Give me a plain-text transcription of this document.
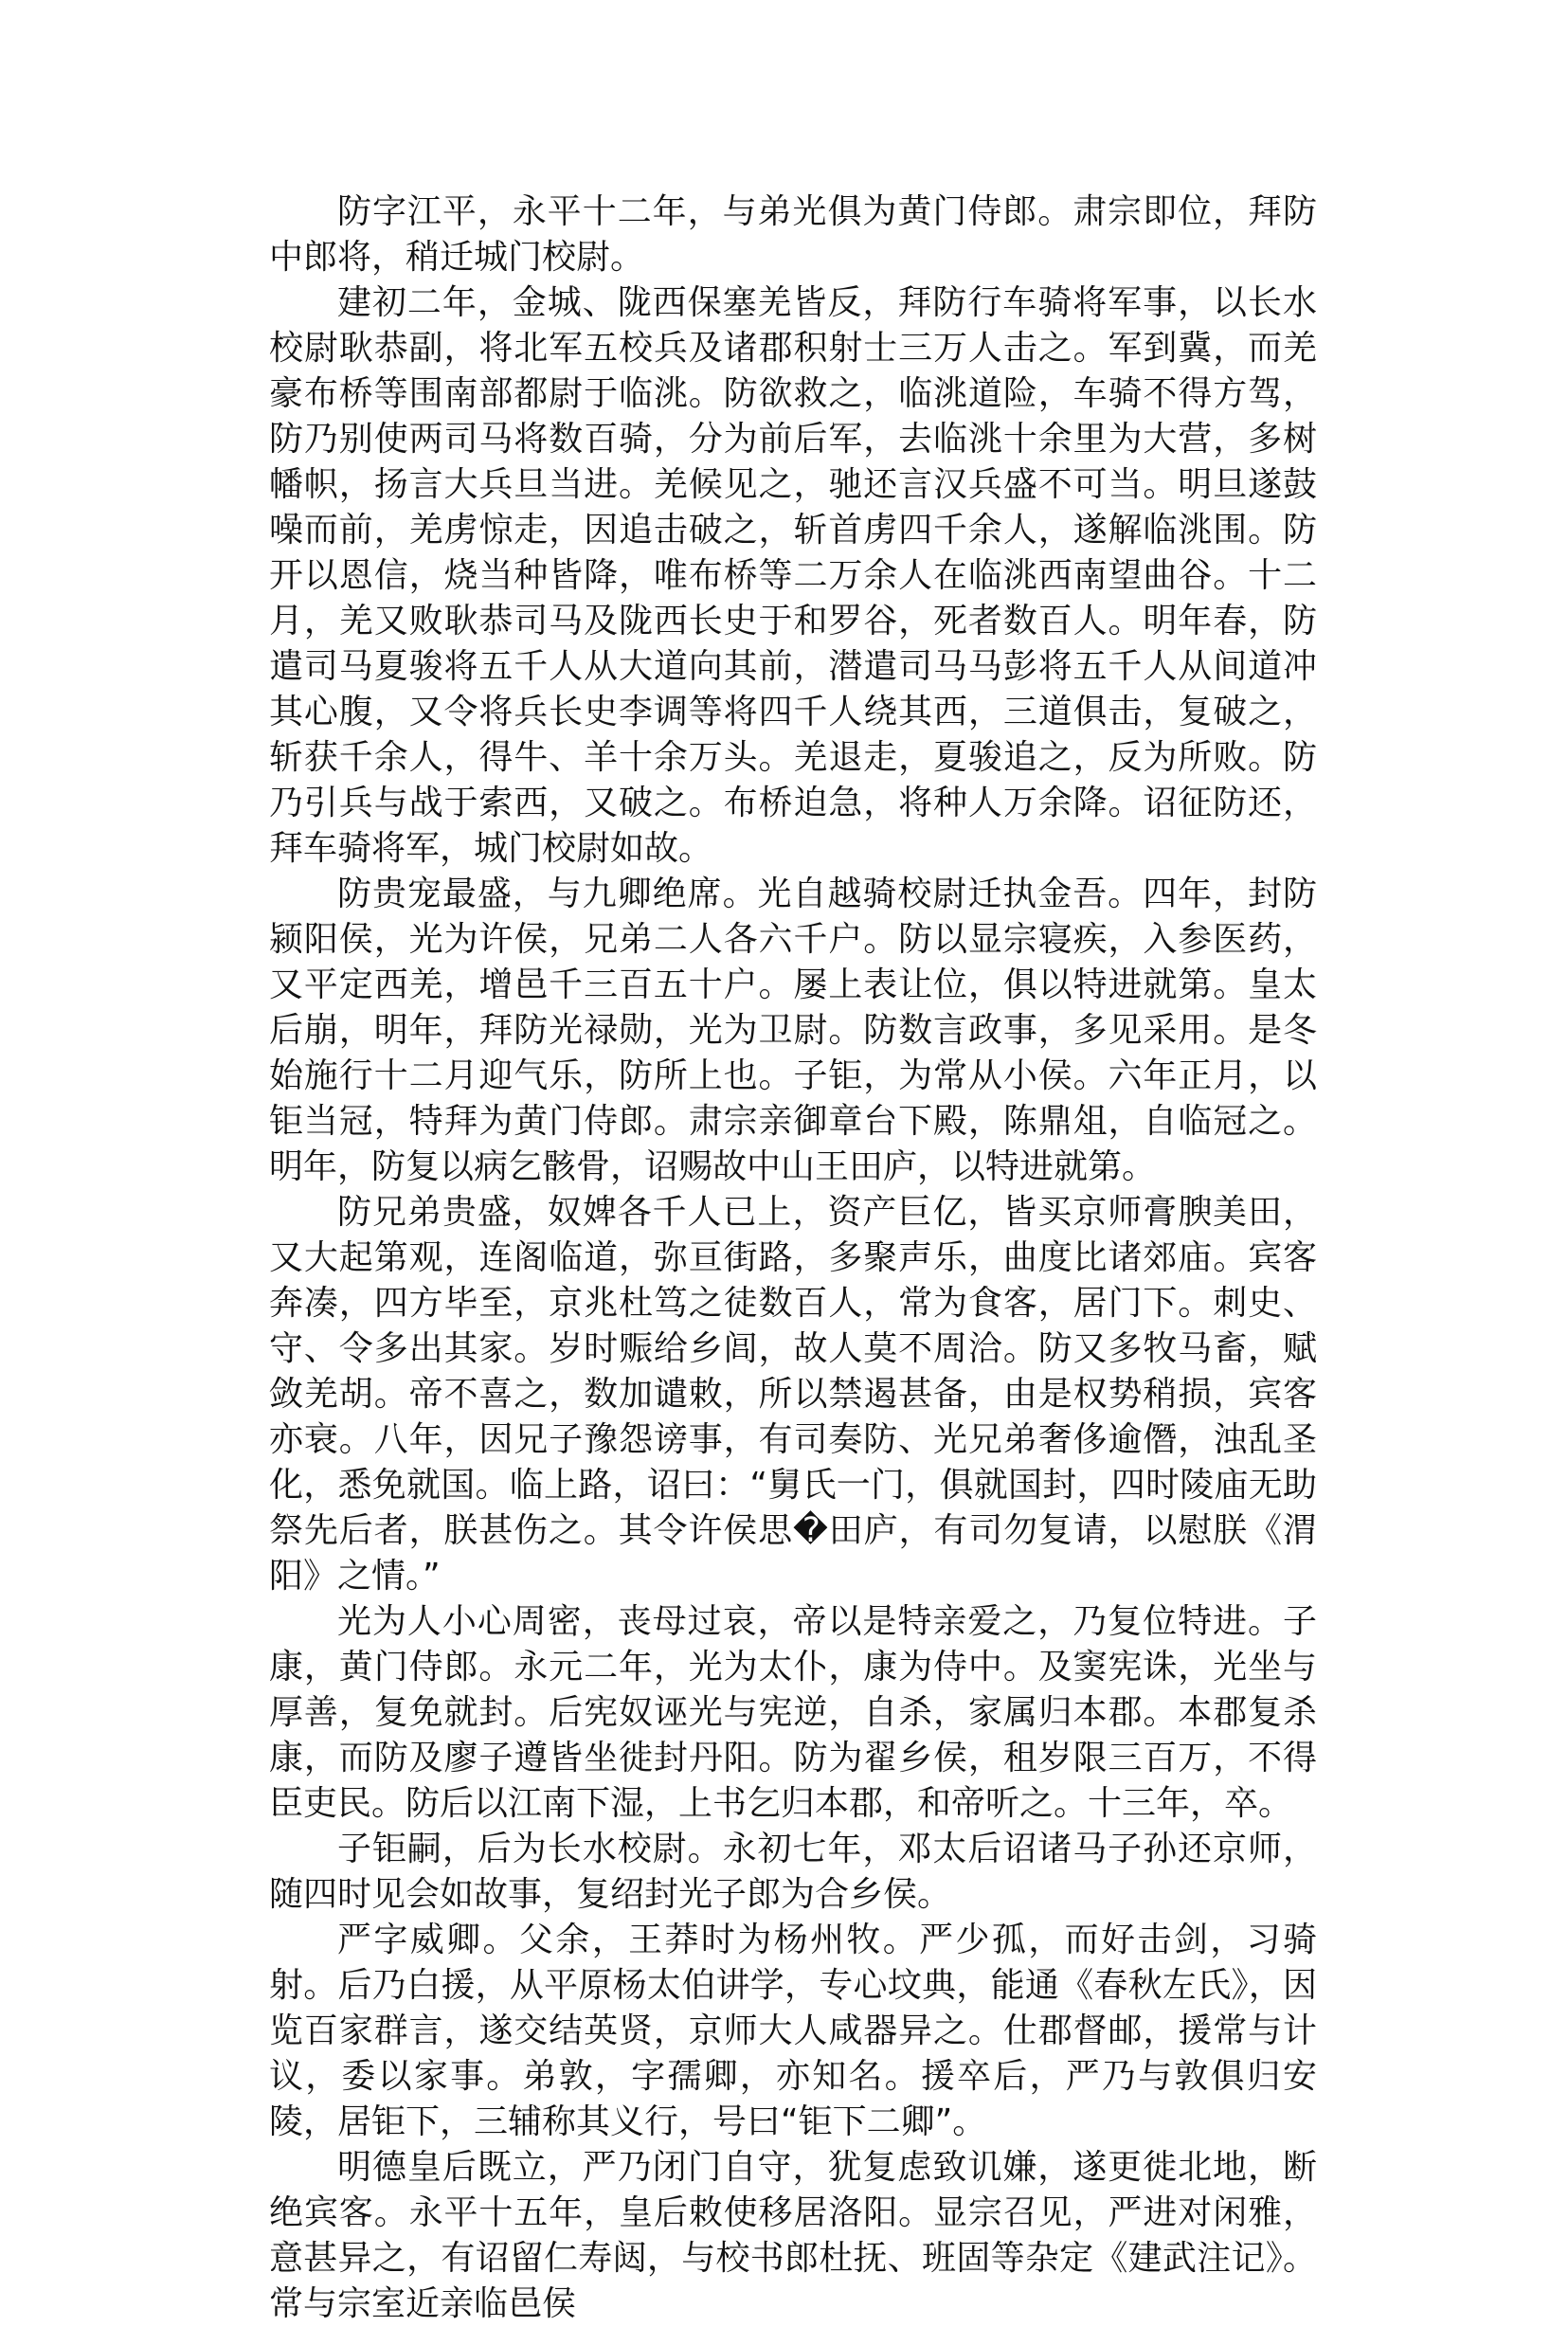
防字江平，永平十二年，与弟光俱为黄门侍郎。肃宗即位，拜防中郎将，稍迁城门校尉。

建初二年，金城、陇西保塞羌皆反，拜防行车骑将军事，以长水校尉耿恭副，将北军五校兵及诸郡积射士三万人击之。军到冀，而羌豪布桥等围南部都尉于临洮。防欲救之，临洮道险，车骑不得方驾，防乃别使两司马将数百骑，分为前后军，去临洮十余里为大营，多树幡帜，扬言大兵旦当进。羌候见之，驰还言汉兵盛不可当。明旦遂鼓噪而前，羌虏惊走，因追击破之，斩首虏四千余人，遂解临洮围。防开以恩信，烧当种皆降，唯布桥等二万余人在临洮西南望曲谷。十二月，羌又败耿恭司马及陇西长史于和罗谷，死者数百人。明年春，防遣司马夏骏将五千人从大道向其前，潜遣司马马彭将五千人从间道冲其心腹，又令将兵长史李调等将四千人绕其西，三道俱击，复破之，斩获千余人，得牛、羊十余万头。羌退走，夏骏追之，反为所败。防乃引兵与战于索西，又破之。布桥迫急，将种人万余降。诏征防还，拜车骑将军，城门校尉如故。

防贵宠最盛，与九卿绝席。光自越骑校尉迁执金吾。四年，封防颍阳侯，光为许侯，兄弟二人各六千户。防以显宗寝疾，入参医药，又平定西羌，增邑千三百五十户。屡上表让位，俱以特进就第。皇太后崩，明年，拜防光禄勋，光为卫尉。防数言政事，多见采用。是冬始施行十二月迎气乐，防所上也。子钜，为常从小侯。六年正月，以钜当冠，特拜为黄门侍郎。肃宗亲御章台下殿，陈鼎俎，自临冠之。明年，防复以病乞骸骨，诏赐故中山王田庐，以特进就第。

防兄弟贵盛，奴婢各千人已上，资产巨亿，皆买京师膏腴美田，又大起第观，连阁临道，弥亘街路，多聚声乐，曲度比诸郊庙。宾客奔凑，四方毕至，京兆杜笃之徒数百人，常为食客，居门下。刺史、守、令多出其家。岁时赈给乡闾，故人莫不周洽。防又多牧马畜，赋敛羌胡。帝不喜之，数加谴敕，所以禁遏甚备，由是权势稍损，宾客亦衰。八年，因兄子豫怨谤事，有司奏防、光兄弟奢侈逾僭，浊乱圣化，悉免就国。临上路，诏曰：“舅氏一门，俱就国封，四时陵庙无助祭先后者，朕甚伤之。其令许侯思�田庐，有司勿复请，以慰朕《渭阳》之情。”

光为人小心周密，丧母过哀，帝以是特亲爱之，乃复位特进。子康，黄门侍郎。永元二年，光为太仆，康为侍中。及窦宪诛，光坐与厚善，复免就封。后宪奴诬光与宪逆，自杀，家属归本郡。本郡复杀康，而防及廖子遵皆坐徙封丹阳。防为翟乡侯，租岁限三百万，不得臣吏民。防后以江南下湿，上书乞归本郡，和帝听之。十三年，卒。

子钜嗣，后为长水校尉。永初七年，邓太后诏诸马子孙还京师，随四时见会如故事，复绍封光子郎为合乡侯。

严字威卿。父余，王莽时为杨州牧。严少孤，而好击剑，习骑射。后乃白援，从平原杨太伯讲学，专心坟典，能通《春秋左氏》，因览百家群言，遂交结英贤，京师大人咸器异之。仕郡督邮，援常与计议，委以家事。弟敦，字孺卿，亦知名。援卒后，严乃与敦俱归安陵，居钜下，三辅称其义行，号曰“钜下二卿”。

明德皇后既立，严乃闭门自守，犹复虑致讥嫌，遂更徙北地，断绝宾客。永平十五年，皇后敕使移居洛阳。显宗召见，严进对闲雅，意甚异之，有诏留仁寿闼，与校书郎杜抚、班固等杂定《建武注记》。常与宗室近亲临邑侯
